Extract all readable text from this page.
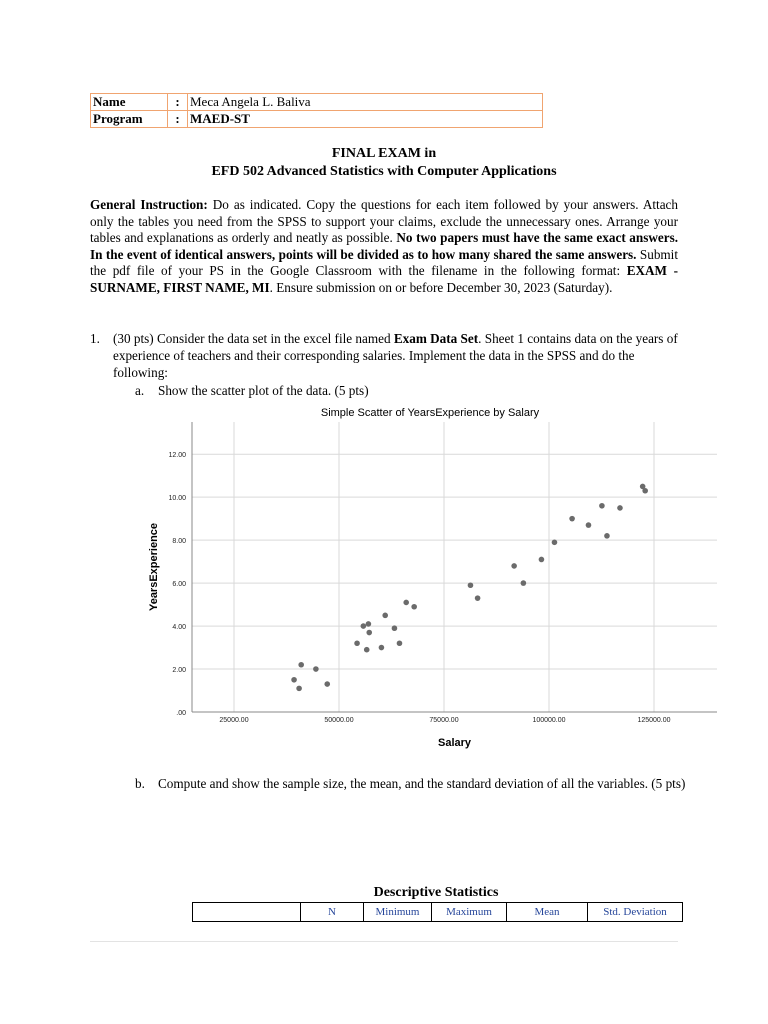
Name	:	Meca Angela L. Baliva
Program	:	MAED-ST
FINAL EXAM in
EFD 502 Advanced Statistics with Computer Applications
General Instruction: Do as indicated. Copy the questions for each item followed by your answers. Attach only the tables you need from the SPSS to support your claims, exclude the unnecessary ones. Arrange your tables and explanations as orderly and neatly as possible. No two papers must have the same exact answers. In the event of identical answers, points will be divided as to how many shared the same answers. Submit the pdf file of your PS in the Google Classroom with the filename in the following format: EXAM - SURNAME, FIRST NAME, MI. Ensure submission on or before December 30, 2023 (Saturday).
1. (30 pts) Consider the data set in the excel file named Exam Data Set. Sheet 1 contains data on the years of experience of teachers and their corresponding salaries. Implement the data in the SPSS and do the following:
a. Show the scatter plot of the data. (5 pts)
Simple Scatter of YearsExperience by Salary
.00
2.00
4.00
6.00
8.00
10.00
12.00
25000.00	50000.00	75000.00	100000.00	125000.00
Salary
YearsExperience
b. Compute and show the sample size, the mean, and the standard deviation of all the variables. (5 pts)
Descriptive Statistics
	N	Minimum	Maximum	Mean	Std. Deviation
